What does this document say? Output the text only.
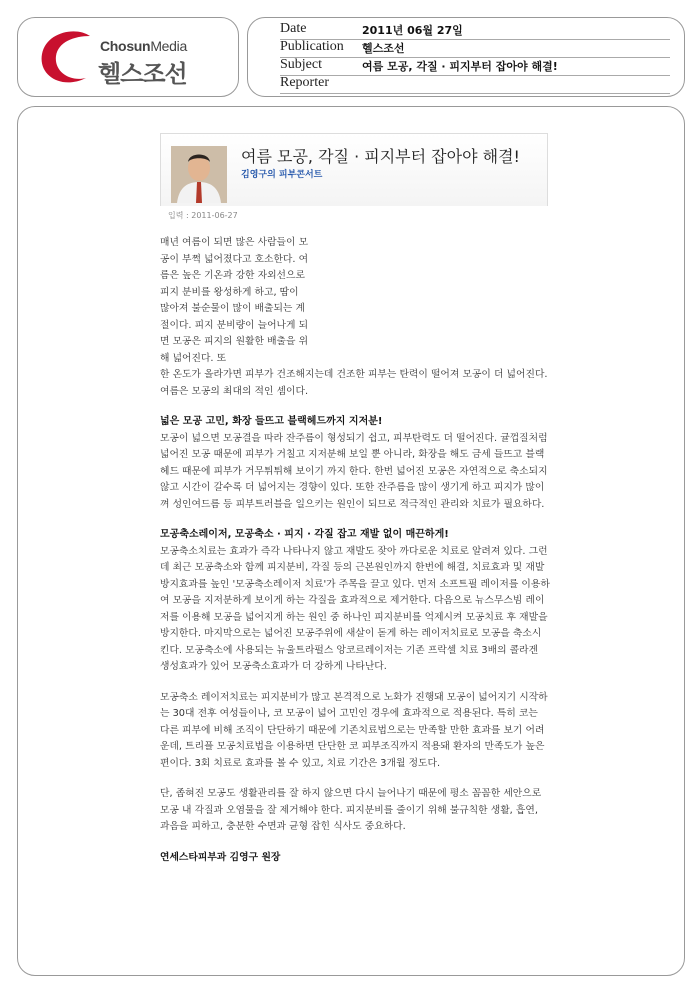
ChosunMedia
헬스조선
Date	2011년 06월 27일
Publication 헬스조선
Subject	여름 모공, 각질 · 피지부터 잡아야 해결!
Reporter
여름 모공, 각질 · 피지부터 잡아야 해결!
김영구의 피부콘서트
입력 : 2011-06-27

매년 여름이 되면 많은 사람들이 모공이 부쩍 넓어졌다고 호소한다. 여름은 높은 기온과 강한 자외선으로 피지 분비를 왕성하게 하고, 땀이 많아져 불순물이 많이 배출되는 계절이다. 피지 분비량이 늘어나게 되면 모공은 피지의 원활한 배출을 위해 넓어진다. 또

한 온도가 올라가면 피부가 건조해지는데 건조한 피부는 탄력이 떨어져 모공이 더 넓어진다. 여름은 모공의 최대의 적인 셈이다.

넓은 모공 고민, 화장 들뜨고 블랙헤드까지 지저분!

모공이 넓으면 모공결을 따라 잔주름이 형성되기 쉽고, 피부탄력도 더 떨어진다. 귤껍질처럼 넓어진 모공 때문에 피부가 거칠고 지저분해 보일 뿐 아니라, 화장을 해도 금세 들뜨고 블랙헤드 때문에 피부가 거무튀튀해 보이기 까지 한다. 한번 넓어진 모공은 자연적으로 축소되지 않고 시간이 갈수록 더 넓어지는 경향이 있다. 또한 잔주름을 많이 생기게 하고 피지가 많이 껴 성인여드름 등 피부트러블을 일으키는 원인이 되므로 적극적인 관리와 치료가 필요하다.

모공축소레이저, 모공축소 · 피지 · 각질 잡고 재발 없이 매끈하게!

모공축소치료는 효과가 즉각 나타나지 않고 재발도 잦아 까다로운 치료로 알려져 있다. 그런데 최근 모공축소와 함께 피지분비, 각질 등의 근본원인까지 한번에 해결, 치료효과 및 재발방지효과를 높인 '모공축소레이저 치료'가 주목을 끌고 있다. 먼저 소프트필 레이저를 이용하여 모공을 지저분하게 보이게 하는 각질을 효과적으로 제거한다. 다음으로 뉴스무스빔 레이저를 이용해 모공을 넓어지게 하는 원인 중 하나인 피지분비를 억제시켜 모공치료 후 재발을 방지한다. 마지막으로는 넓어진 모공주위에 새살이 돋게 하는 레이저치료로 모공을 축소시킨다. 모공축소에 사용되는 뉴울트라펄스 앙코르레이저는 기존 프락셀 치료 3배의 콜라겐 생성효과가 있어 모공축소효과가 더 강하게 나타난다.

모공축소 레이저치료는 피지분비가 많고 본격적으로 노화가 진행돼 모공이 넓어지기 시작하는 30대 전후 여성들이나, 코 모공이 넓어 고민인 경우에 효과적으로 적용된다. 특히 코는 다른 피부에 비해 조직이 단단하기 때문에 기존치료법으로는 만족할 만한 효과를 보기 어려운데, 트리플 모공치료법을 이용하면 단단한 코 피부조직까지 적용돼 환자의 만족도가 높은 편이다. 3회 치료로 효과를 볼 수 있고, 치료 기간은 3개월 정도다.

단, 좁혀진 모공도 생활관리를 잘 하지 않으면 다시 늘어나기 때문에 평소 꼼꼼한 세안으로 모공 내 각질과 오염물을 잘 제거해야 한다. 피지분비를 줄이기 위해 불규칙한 생활, 흡연, 과음을 피하고, 충분한 수면과 균형 잡힌 식사도 중요하다.

연세스타피부과 김영구 원장
